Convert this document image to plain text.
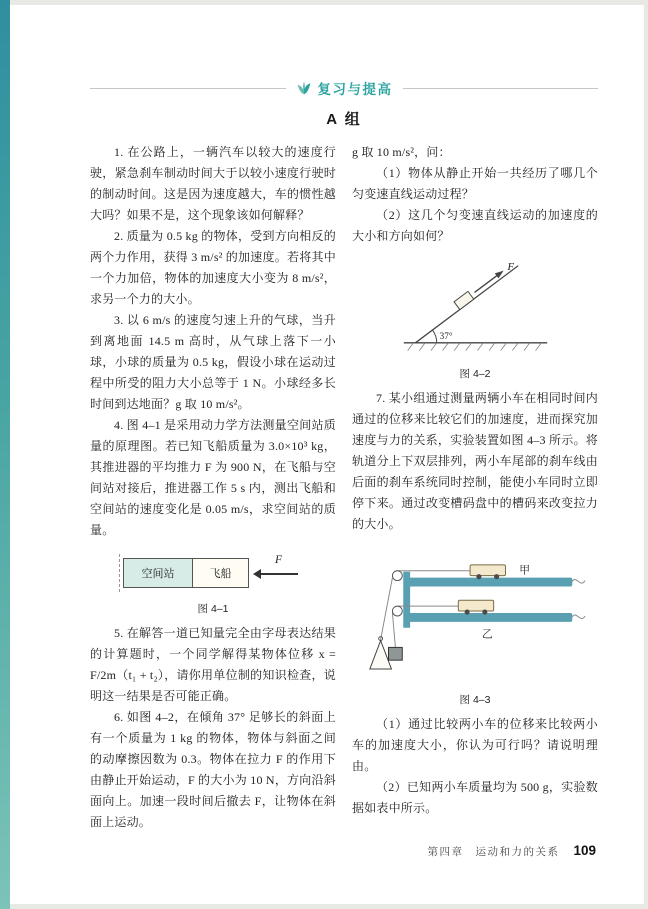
复习与提高
A 组

1. 在公路上，一辆汽车以较大的速度行驶，紧急刹车制动时间大于以较小速度行驶时的制动时间。这是因为速度越大，车的惯性越大吗？如果不是，这个现象该如何解释？

2. 质量为 0.5 kg 的物体，受到方向相反的两个力作用，获得 3 m/s² 的加速度。若将其中一个力加倍，物体的加速度大小变为 8 m/s²，求另一个力的大小。

3. 以 6 m/s 的速度匀速上升的气球，当升到离地面 14.5 m 高时，从气球上落下一小球，小球的质量为 0.5 kg，假设小球在运动过程中所受的阻力大小总等于 1 N。小球经多长时间到达地面？g 取 10 m/s²。

4. 图 4–1 是采用动力学方法测量空间站质量的原理图。若已知飞船质量为 3.0×10³ kg，其推进器的平均推力 F 为 900 N，在飞船与空间站对接后，推进器工作 5 s 内，测出飞船和空间站的速度变化是 0.05 m/s，求空间站的质量。

空间站	飞船
F
图 4–1

5. 在解答一道已知量完全由字母表达结果的计算题时，一个同学解得某物体位移 x = F/2m（t₁ + t₂），请你用单位制的知识检查，说明这一结果是否可能正确。

6. 如图 4–2，在倾角 37° 足够长的斜面上有一个质量为 1 kg 的物体，物体与斜面之间的动摩擦因数为 0.3。物体在拉力 F 的作用下由静止开始运动，F 的大小为 10 N，方向沿斜面向上。加速一段时间后撤去 F，让物体在斜面上运动。

g 取 10 m/s²，问：

（1）物体从静止开始一共经历了哪几个匀变速直线运动过程？

（2）这几个匀变速直线运动的加速度的大小和方向如何？

F
37°
图 4–2

7. 某小组通过测量两辆小车在相同时间内通过的位移来比较它们的加速度，进而探究加速度与力的关系，实验装置如图 4–3 所示。将轨道分上下双层排列，两小车尾部的刹车线由后面的刹车系统同时控制，能使小车同时立即停下来。通过改变槽码盘中的槽码来改变拉力的大小。

甲
乙
图 4–3

（1）通过比较两小车的位移来比较两小车的加速度大小，你认为可行吗？请说明理由。

（2）已知两小车质量均为 500 g，实验数据如表中所示。

第四章　运动和力的关系 109
